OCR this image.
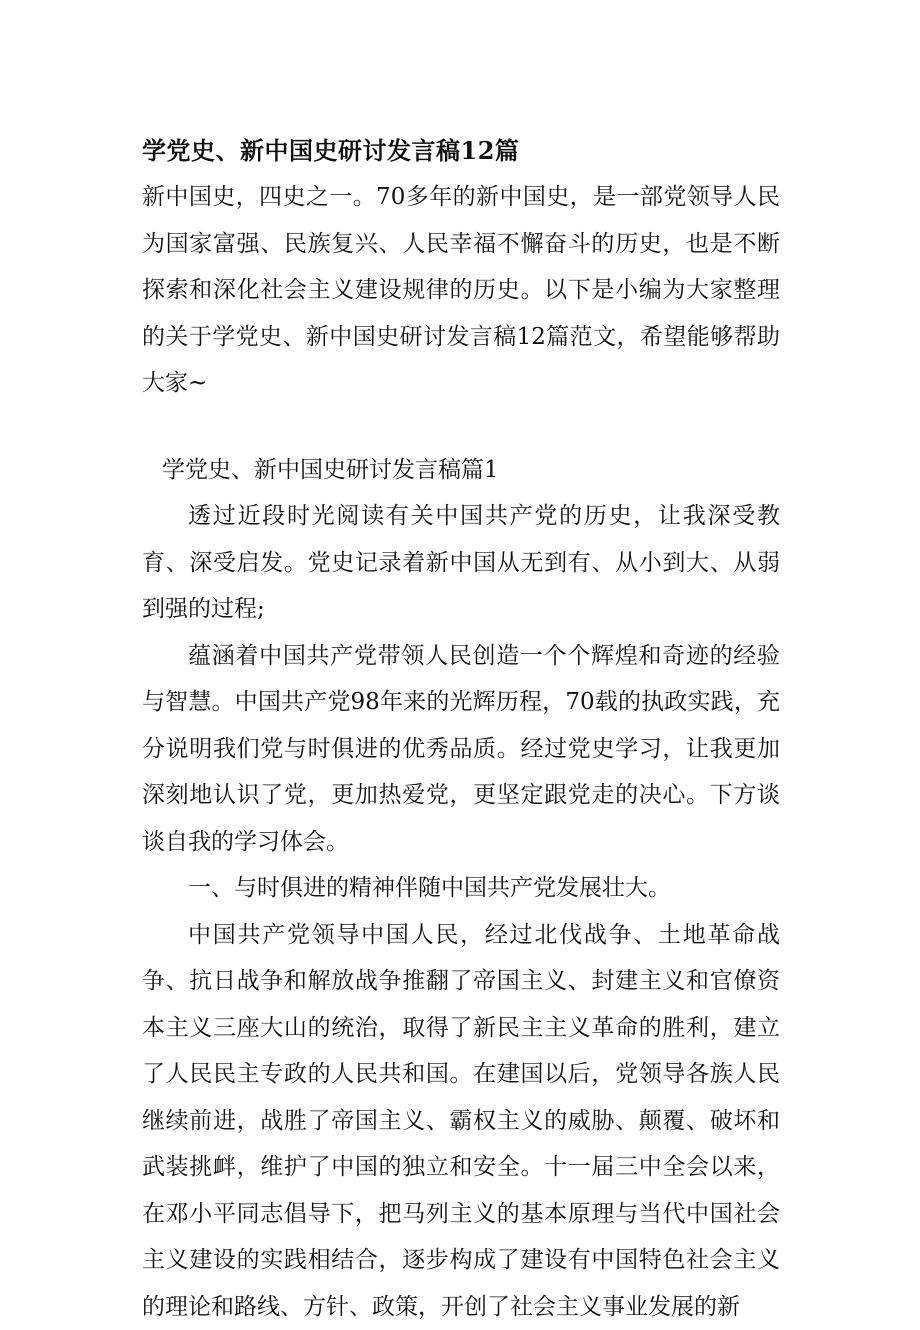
学党史、新中国史研讨发言稿12篇

新中国史，四史之一。70多年的新中国史，是一部党领导人民为国家富强、民族复兴、人民幸福不懈奋斗的历史，也是不断探索和深化社会主义建设规律的历史。以下是小编为大家整理的关于学党史、新中国史研讨发言稿12篇范文，希望能够帮助大家~

学党史、新中国史研讨发言稿篇1

透过近段时光阅读有关中国共产党的历史，让我深受教育、深受启发。党史记录着新中国从无到有、从小到大、从弱到强的过程;

蕴涵着中国共产党带领人民创造一个个辉煌和奇迹的经验与智慧。中国共产党98年来的光辉历程，70载的执政实践，充分说明我们党与时俱进的优秀品质。经过党史学习，让我更加深刻地认识了党，更加热爱党，更坚定跟党走的决心。下方谈谈自我的学习体会。

一、与时俱进的精神伴随中国共产党发展壮大。

中国共产党领导中国人民，经过北伐战争、土地革命战争、抗日战争和解放战争推翻了帝国主义、封建主义和官僚资本主义三座大山的统治，取得了新民主主义革命的胜利，建立了人民民主专政的人民共和国。在建国以后，党领导各族人民继续前进，战胜了帝国主义、霸权主义的威胁、颠覆、破坏和武装挑衅，维护了中国的独立和安全。十一届三中全会以来，在邓小平同志倡导下，把马列主义的基本原理与当代中国社会主义建设的实践相结合，逐步构成了建设有中国特色社会主义的理论和路线、方针、政策，开创了社会主义事业发展的新
